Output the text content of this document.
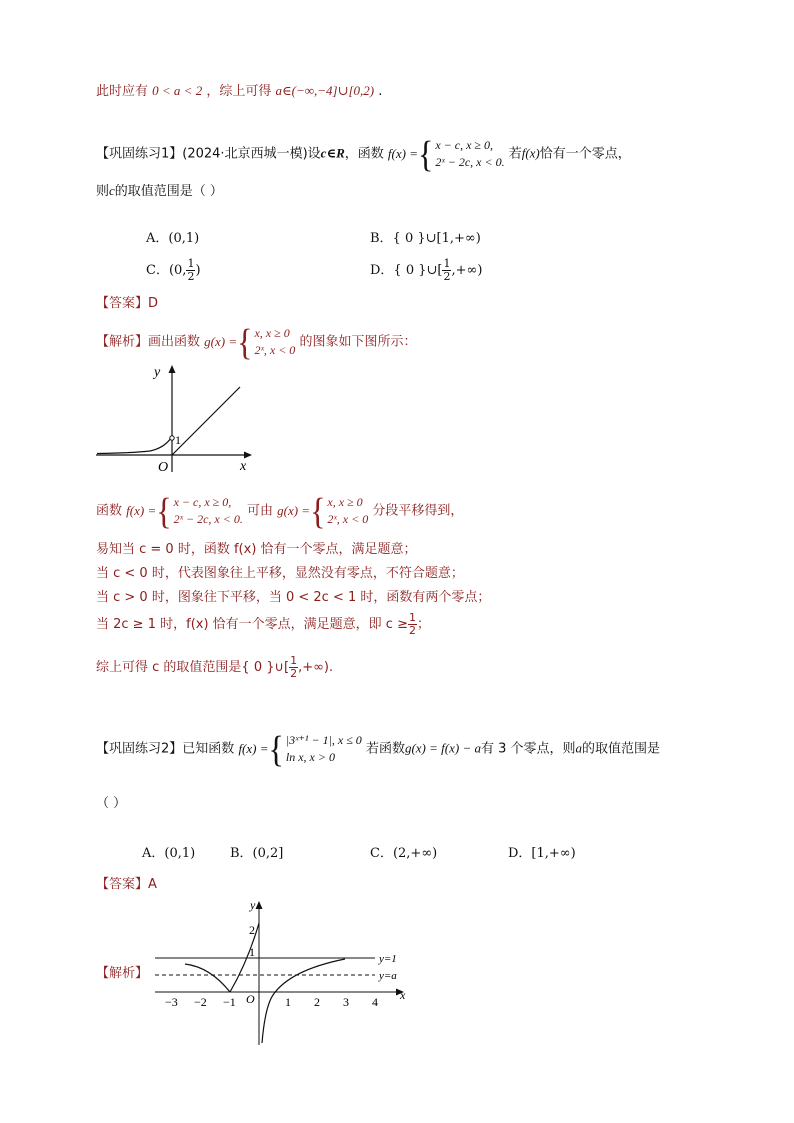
此时应有 0 < a < 2 ，综上可得 a∈(−∞,−4]∪[0,2) .
【巩固练习1】(2024·北京西城一模)设c∈R，函数 f(x) = { x − c, x ≥ 0,
2ˣ − 2c, x < 0.
若f(x)恰有一个零点，
则c的取值范围是（ ）
A．(0,1)	B．{ 0 }∪[1,+∞)
C．(0, $\frac{1}{2}$ )	D．{ 0 }∪[ $\frac{1}{2}$ ,+∞)
【答案】D
【解析】画出函数 g(x) = { x, x ≥ 0
2ˣ, x < 0
的图象如下图所示：
y
x
O
1
函数 f(x) = { x − c, x ≥ 0,
2ˣ − 2c, x < 0.
可由 g(x) = { x, x ≥ 0
2ˣ, x < 0
分段平移得到，
易知当 c = 0 时，函数 f(x) 恰有一个零点，满足题意；
当 c < 0 时，代表图象往上平移，显然没有零点，不符合题意；
当 c > 0 时，图象往下平移，当 0 < 2c < 1 时，函数有两个零点；
当 2c ≥ 1 时，f(x) 恰有一个零点，满足题意，即 $c \ge \frac{1}{2}$ ；
综上可得 c 的取值范围是{ 0 }∪[ $\frac{1}{2}$ ,+∞).
【巩固练习2】已知函数 f(x) = { |3ˣ⁺¹ − 1|, x ≤ 0
ln x, x > 0
若函数g(x) = f(x) − a有 3 个零点，则a的取值范围是
（ ）
A．(0,1)	B．(0,2]	C．(2,+∞)	D．[1,+∞)
【答案】A
【解析】
y
x
O
2
1	y=1
y=a
−3 −2 −1	1 2 3 4
